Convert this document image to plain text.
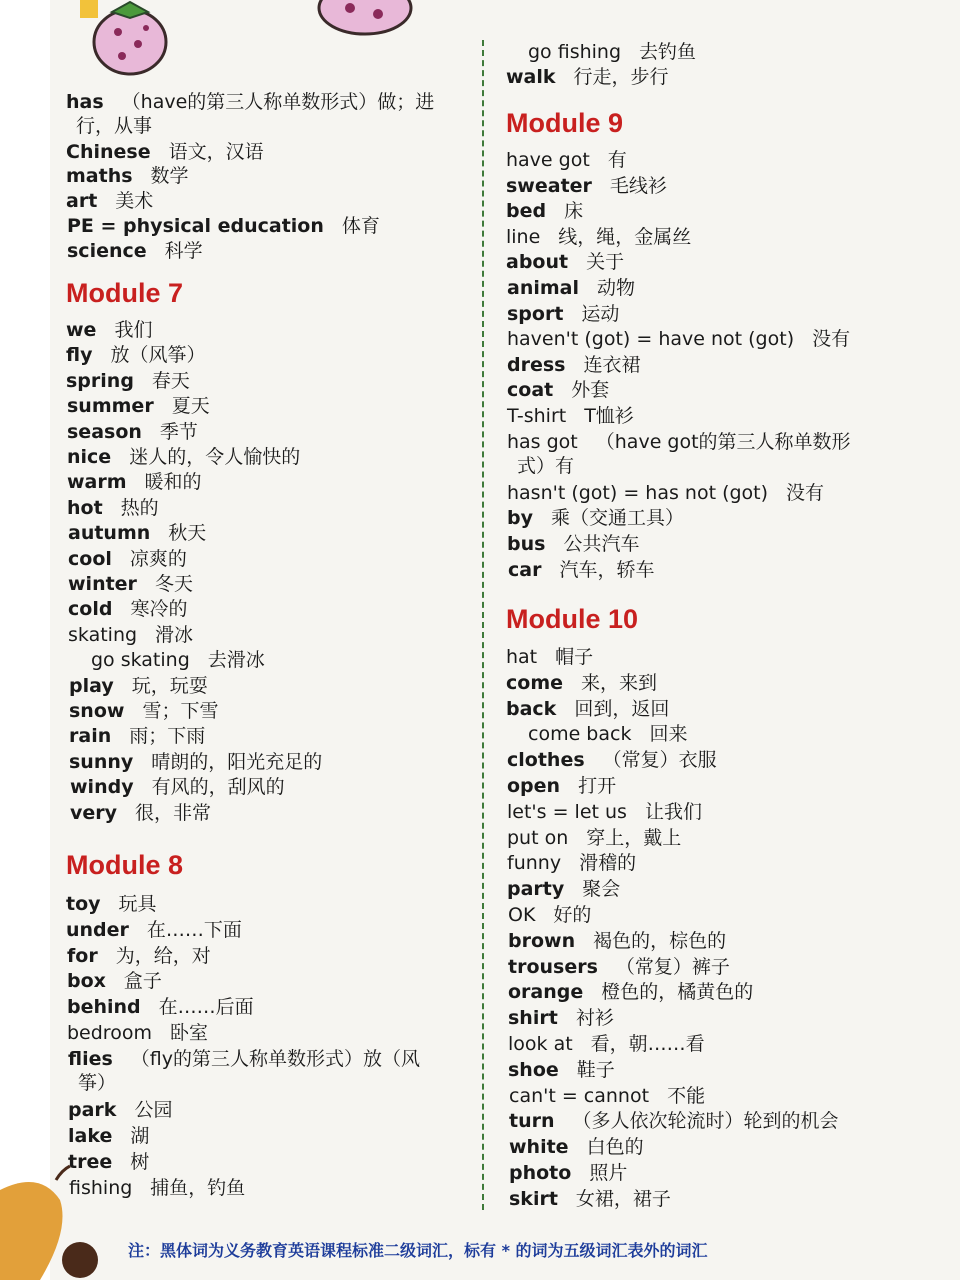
has （have的第三人称单数形式）做；进
行，从事
Chinese 语文，汉语
maths 数学
art 美术
PE = physical education 体育
science 科学
Module 7
we 我们
fly 放（风筝）
spring 春天
summer 夏天
season 季节
nice 迷人的，令人愉快的
warm 暖和的
hot 热的
autumn 秋天
cool 凉爽的
winter 冬天
cold 寒冷的
skating 滑冰
go skating 去滑冰
play 玩，玩耍
snow 雪；下雪
rain 雨；下雨
sunny 晴朗的，阳光充足的
windy 有风的，刮风的
very 很，非常
Module 8
toy 玩具
under 在……下面
for 为，给，对
box 盒子
behind 在……后面
bedroom 卧室
flies （fly的第三人称单数形式）放（风
筝）
park 公园
lake 湖
tree 树
fishing 捕鱼，钓鱼
go fishing 去钓鱼
walk 行走，步行
Module 9
have got 有
sweater 毛线衫
bed 床
line 线，绳，金属丝
about 关于
animal 动物
sport 运动
haven't (got) = have not (got) 没有
dress 连衣裙
coat 外套
T-shirt T恤衫
has got （have got的第三人称单数形
式）有
hasn't (got) = has not (got) 没有
by 乘（交通工具）
bus 公共汽车
car 汽车，轿车
Module 10
hat 帽子
come 来，来到
back 回到，返回
come back 回来
clothes （常复）衣服
open 打开
let's = let us 让我们
put on 穿上，戴上
funny 滑稽的
party 聚会
OK 好的
brown 褐色的，棕色的
trousers （常复）裤子
orange 橙色的，橘黄色的
shirt 衬衫
look at 看，朝……看
shoe 鞋子
can't = cannot 不能
turn （多人依次轮流时）轮到的机会
white 白色的
photo 照片
skirt 女裙，裙子
注：黑体词为义务教育英语课程标准二级词汇，标有 * 的词为五级词汇表外的词汇
